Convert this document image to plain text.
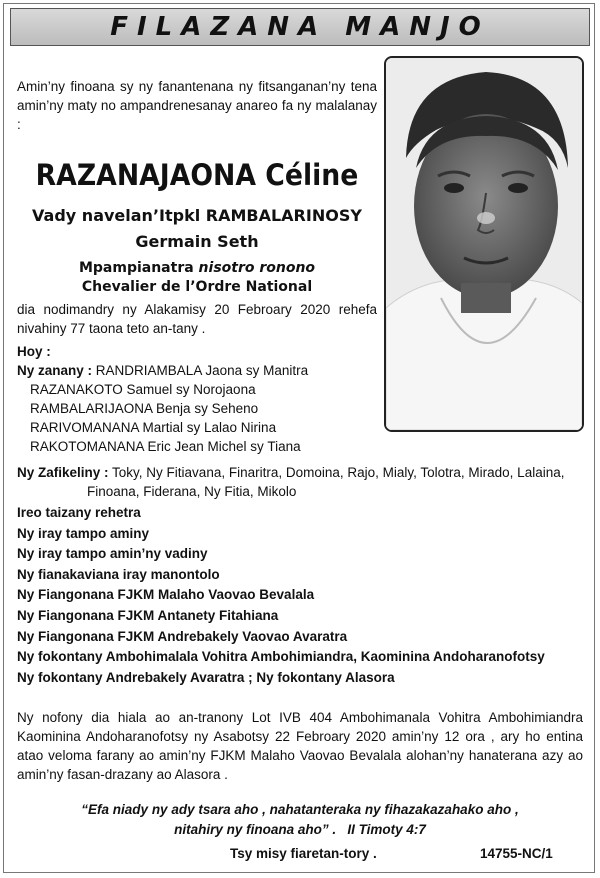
FILAZANA MANJO
Amin’ny finoana sy ny fanantenana ny fitsanganan’ny tena amin’ny maty no ampandrenesanay anareo fa ny malalanay :
RAZANAJAONA Céline
Vady navelan’Itpkl RAMBALARINOSY
Germain Seth
Mpampianatra nisotro ronono
Chevalier de l’Ordre National
dia nodimandry ny Alakamisy 20 Febroary 2020 rehefa nivahiny 77 taona teto an-tany .
Hoy :
Ny zanany : RANDRIAMBALA Jaona sy Manitra
RAZANAKOTO Samuel sy Norojaona
RAMBALARIJAONA Benja sy Seheno
RARIVOMANANA Martial sy Lalao Nirina
RAKOTOMANANA Eric Jean Michel sy Tiana
Ny Zafikeliny : Toky, Ny Fitiavana, Finaritra, Domoina, Rajo, Mialy, Tolotra, Mirado, Lalaina,
Finoana, Fiderana, Ny Fitia, Mikolo
Ireo taizany rehetra
Ny iray tampo aminy
Ny iray tampo amin’ny vadiny
Ny fianakaviana iray manontolo
Ny Fiangonana FJKM Malaho Vaovao Bevalala
Ny Fiangonana FJKM Antanety Fitahiana
Ny Fiangonana FJKM Andrebakely Vaovao Avaratra
Ny fokontany Ambohimalala Vohitra Ambohimiandra, Kaominina Andoharanofotsy
Ny fokontany Andrebakely Avaratra ; Ny fokontany Alasora
Ny nofony dia hiala ao an-tranony Lot IVB 404 Ambohimanala Vohitra Ambohimiandra Kaominina Andoharanofotsy ny Asabotsy 22 Febroary 2020 amin’ny 12 ora , ary ho entina atao veloma farany ao amin’ny FJKM Malaho Vaovao Bevalala alohan’ny hanaterana azy ao amin’ny fasan-drazany ao Alasora .
“Efa niady ny ady tsara aho , nahatanteraka ny fihazakazahako aho ,
nitahiry ny finoana aho” . II Timoty 4:7
Tsy misy fiaretan-tory .	14755-NC/1
